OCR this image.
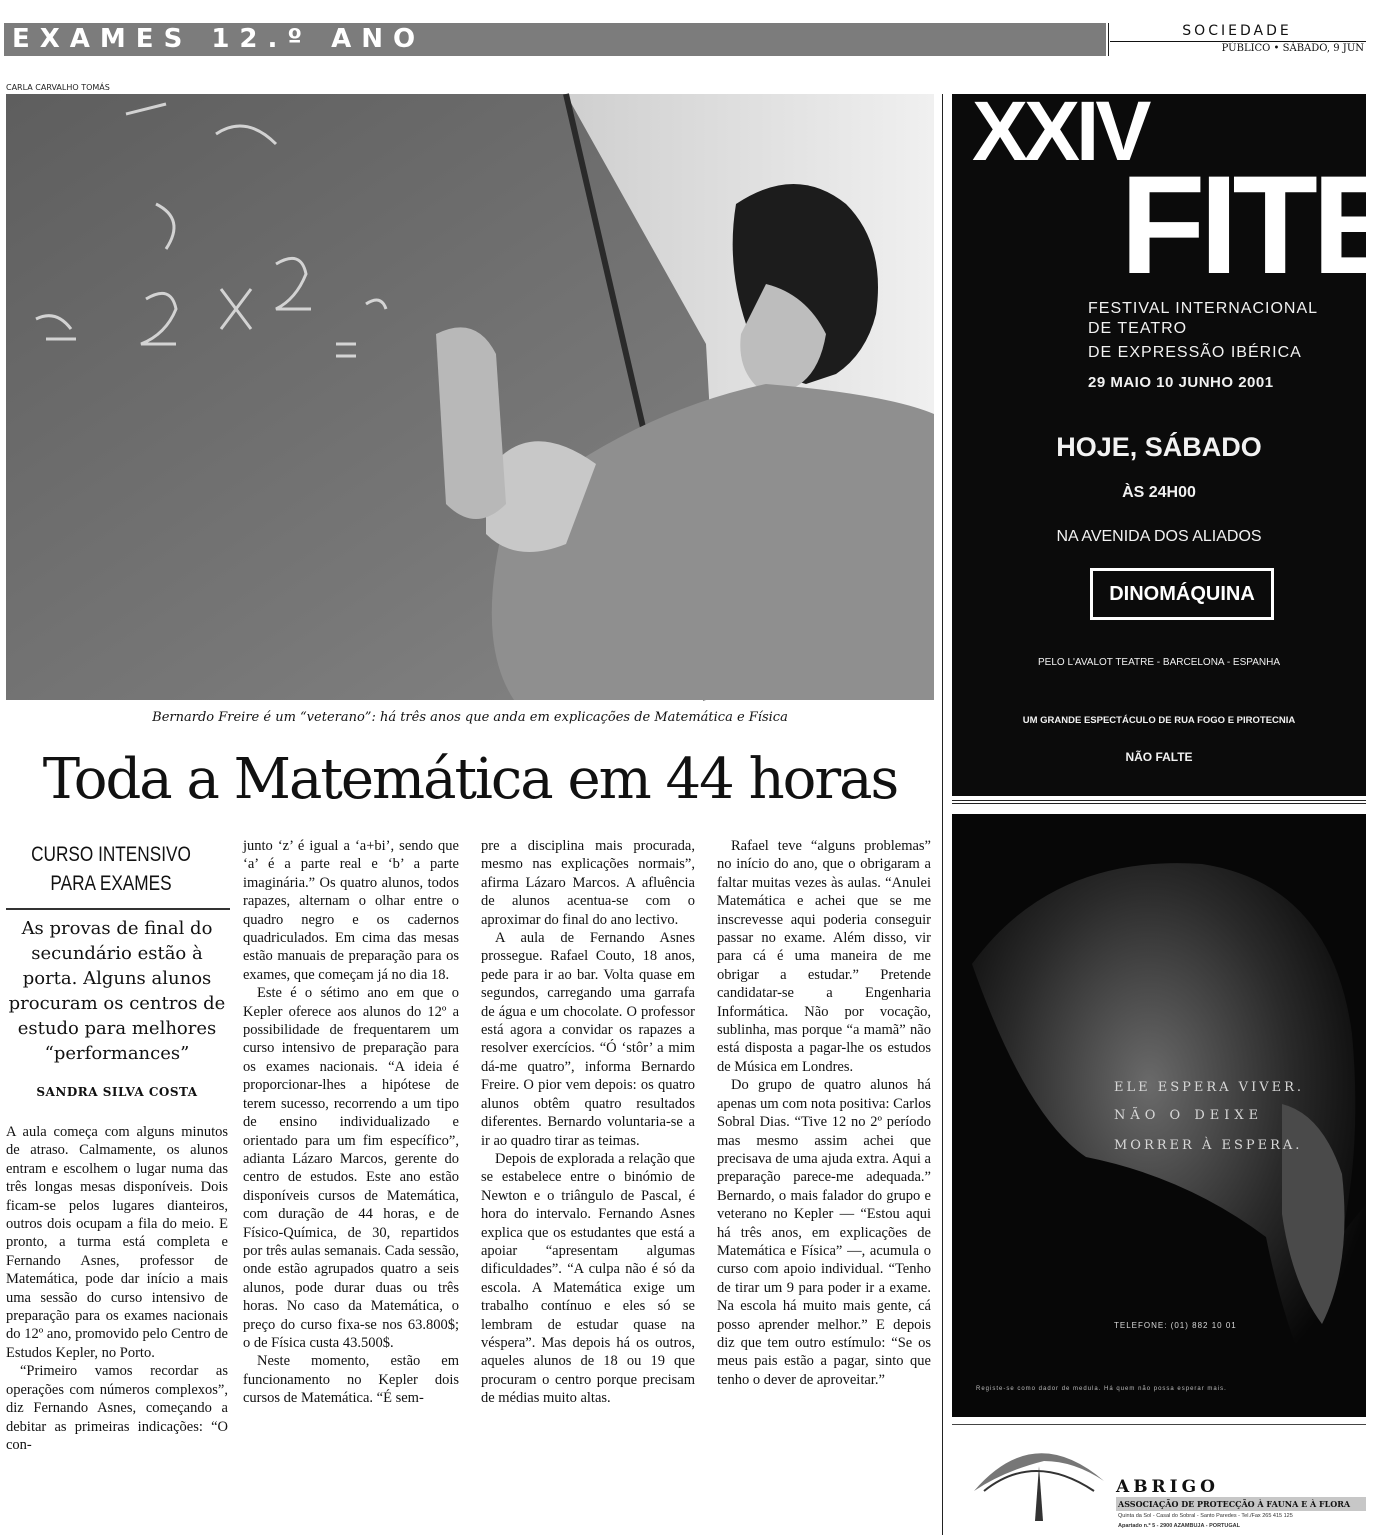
EXAMES 12.º ANO	SOCIEDADE
PÚBLICO • SÁBADO, 9 JUN
CARLA CARVALHO TOMÁS
Bernardo Freire é um “veterano”: há três anos que anda em explicações de Matemática e Física
Toda a Matemática em 44 horas
CURSO INTENSIVO
PARA EXAMES
As provas de final do secundário estão à porta. Alguns alunos procuram os centros de estudo para melhores “performances”
SANDRA SILVA COSTA

A aula começa com alguns minutos de atraso. Calmamente, os alunos entram e escolhem o lugar numa das três longas mesas disponíveis. Dois ficam-se pelos lugares dianteiros, outros dois ocupam a fila do meio. E pronto, a turma está completa e Fernando Asnes, professor de Matemática, pode dar início a mais uma sessão do curso intensivo de preparação para os exames nacionais do 12º ano, promovido pelo Centro de Estudos Kepler, no Porto.

“Primeiro vamos recordar as operações com números complexos”, diz Fernando Asnes, começando a debitar as primeiras indicações: “O con-

junto ‘z’ é igual a ‘a+bi’, sendo que ‘a’ é a parte real e ‘b’ a parte imaginária.” Os quatro alunos, todos rapazes, alternam o olhar entre o quadro negro e os cadernos quadriculados. Em cima das mesas estão manuais de preparação para os exames, que começam já no dia 18.

Este é o sétimo ano em que o Kepler oferece aos alunos do 12º a possibilidade de frequentarem um curso intensivo de preparação para os exames nacionais. “A ideia é proporcionar-lhes a hipótese de terem sucesso, recorrendo a um tipo de ensino individualizado e orientado para um fim específico”, adianta Lázaro Marcos, gerente do centro de estudos. Este ano estão disponíveis cursos de Matemática, com duração de 44 horas, e de Físico-Química, de 30, repartidos por três aulas semanais. Cada sessão, onde estão agrupados quatro a seis alunos, pode durar duas ou três horas. No caso da Matemática, o preço do curso fixa-se nos 63.800$; o de Física custa 43.500$.

Neste momento, estão em funcionamento no Kepler dois cursos de Matemática. “É sem-

pre a disciplina mais procurada, mesmo nas explicações normais”, afirma Lázaro Marcos. A afluência de alunos acentua-se com o aproximar do final do ano lectivo.

A aula de Fernando Asnes prossegue. Rafael Couto, 18 anos, pede para ir ao bar. Volta quase em segundos, carregando uma garrafa de água e um chocolate. O professor está agora a convidar os rapazes a resolver exercícios. “Ó ‘stôr’ a mim dá-me quatro”, informa Bernardo Freire. O pior vem depois: os quatro alunos obtêm quatro resultados diferentes. Bernardo voluntaria-se a ir ao quadro tirar as teimas.

Depois de explorada a relação que se estabelece entre o binómio de Newton e o triângulo de Pascal, é hora do intervalo. Fernando Asnes explica que os estudantes que está a apoiar “apresentam algumas dificuldades”. “A culpa não é só da escola. A Matemática exige um trabalho contínuo e eles só se lembram de estudar quase na véspera”. Mas depois há os outros, aqueles alunos de 18 ou 19 que procuram o centro porque precisam de médias muito altas.

Rafael teve “alguns problemas” no início do ano, que o obrigaram a faltar muitas vezes às aulas. “Anulei Matemática e achei que se me inscrevesse aqui poderia conseguir passar no exame. Além disso, vir para cá é uma maneira de me obrigar a estudar.” Pretende candidatar-se a Engenharia Informática. Não por vocação, sublinha, mas porque “a mamã” não está disposta a pagar-lhe os estudos de Música em Londres.

Do grupo de quatro alunos há apenas um com nota positiva: Carlos Sobral Dias. “Tive 12 no 2º período mas mesmo assim achei que precisava de uma ajuda extra. Aqui a preparação parece-me adequada.” Bernardo, o mais falador do grupo e veterano no Kepler — “Estou aqui há três anos, em explicações de Matemática e Física” —, acumula o curso com apoio individual. “Tenho de tirar um 9 para poder ir a exame. Na escola há muito mais gente, cá posso aprender melhor.” E depois diz que tem outro estímulo: “Se os meus pais estão a pagar, sinto que tenho o dever de aproveitar.”

XXIV
FITE
FESTIVAL INTERNACIONAL
DE TEATRO
DE EXPRESSÃO IBÉRICA
29 MAIO 10 JUNHO 2001
HOJE, SÁBADO
ÀS 24H00
NA AVENIDA DOS ALIADOS
DINOMÁQUINA
PELO L'AVALOT TEATRE - BARCELONA - ESPANHA
UM GRANDE ESPECTÁCULO DE RUA FOGO E PIROTECNIA
NÃO FALTE
ELE ESPERA VIVER.
NÃO O DEIXE
MORRER À ESPERA.
TELEFONE: (01) 882 10 01
Registe-se como dador de medula. Há quem não possa esperar mais.
ABRIGO
ASSOCIAÇÃO DE PROTECÇÃO À FAUNA E À FLORA
Quinta da Sol - Casal do Sobral - Santo Paredes - Tel./Fax 265 415 125
Apartado n.º 5 - 2900 AZAMBUJA - PORTUGAL
